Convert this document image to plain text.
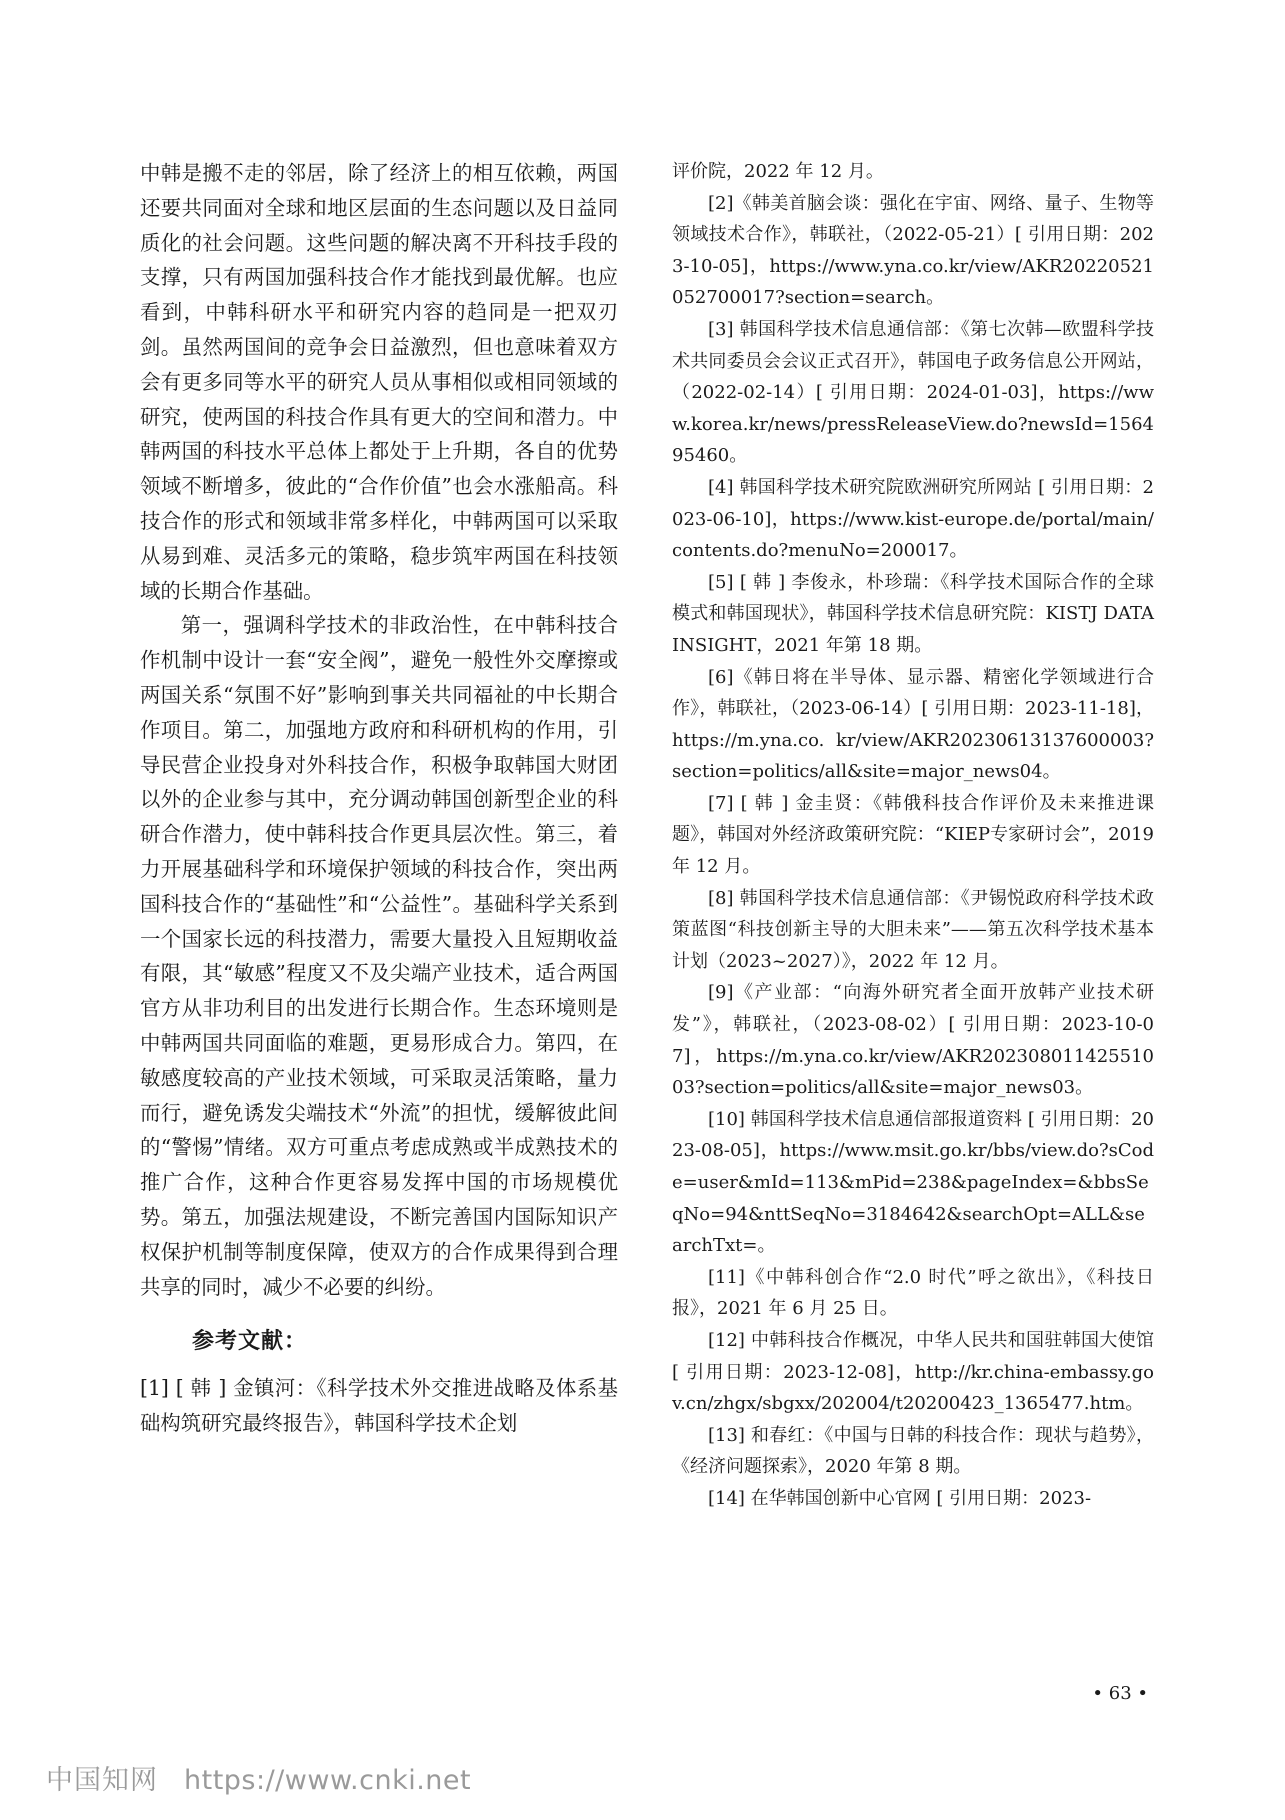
中韩是搬不走的邻居，除了经济上的相互依赖，两国还要共同面对全球和地区层面的生态问题以及日益同质化的社会问题。这些问题的解决离不开科技手段的支撑，只有两国加强科技合作才能找到最优解。也应看到，中韩科研水平和研究内容的趋同是一把双刃剑。虽然两国间的竞争会日益激烈，但也意味着双方会有更多同等水平的研究人员从事相似或相同领域的研究，使两国的科技合作具有更大的空间和潜力。中韩两国的科技水平总体上都处于上升期，各自的优势领域不断增多，彼此的“合作价值”也会水涨船高。科技合作的形式和领域非常多样化，中韩两国可以采取从易到难、灵活多元的策略，稳步筑牢两国在科技领域的长期合作基础。

第一，强调科学技术的非政治性，在中韩科技合作机制中设计一套“安全阀”，避免一般性外交摩擦或两国关系“氛围不好”影响到事关共同福祉的中长期合作项目。第二，加强地方政府和科研机构的作用，引导民营企业投身对外科技合作，积极争取韩国大财团以外的企业参与其中，充分调动韩国创新型企业的科研合作潜力，使中韩科技合作更具层次性。第三，着力开展基础科学和环境保护领域的科技合作，突出两国科技合作的“基础性”和“公益性”。基础科学关系到一个国家长远的科技潜力，需要大量投入且短期收益有限，其“敏感”程度又不及尖端产业技术，适合两国官方从非功利目的出发进行长期合作。生态环境则是中韩两国共同面临的难题，更易形成合力。第四，在敏感度较高的产业技术领域，可采取灵活策略，量力而行，避免诱发尖端技术“外流”的担忧，缓解彼此间的“警惕”情绪。双方可重点考虑成熟或半成熟技术的推广合作，这种合作更容易发挥中国的市场规模优势。第五，加强法规建设，不断完善国内国际知识产权保护机制等制度保障，使双方的合作成果得到合理共享的同时，减少不必要的纠纷。

参考文献：

[1] [ 韩 ] 金镇河：《科学技术外交推进战略及体系基础构筑研究最终报告》，韩国科学技术企划

评价院，2022 年 12 月。

[2]《韩美首脑会谈：强化在宇宙、网络、量子、生物等领域技术合作》，韩联社，（2022-05-21）[ 引用日期：2023-10-05]，https://www.yna.co.kr/view/AKR20220521052700017?section=search。

[3] 韩国科学技术信息通信部：《第七次韩—欧盟科学技术共同委员会会议正式召开》，韩国电子政务信息公开网站，（2022-02-14）[ 引用日期：2024-01-03]，https://www.korea.kr/news/pressReleaseView.do?newsId=156495460。

[4] 韩国科学技术研究院欧洲研究所网站 [ 引用日期：2023-06-10]，https://www.kist-europe.de/portal/main/contents.do?menuNo=200017。

[5] [ 韩 ] 李俊永，朴珍瑞：《科学技术国际合作的全球模式和韩国现状》，韩国科学技术信息研究院：KISTJ DATA INSIGHT，2021 年第 18 期。

[6]《韩日将在半导体、显示器、精密化学领域进行合作》，韩联社，（2023-06-14）[ 引用日期：2023-11-18]，https://m.yna.co. kr/view/AKR20230613137600003?section=politics/all&site=major_news04。

[7] [ 韩 ] 金圭贤：《韩俄科技合作评价及未来推进课题》，韩国对外经济政策研究院：“KIEP专家研讨会”，2019 年 12 月。

[8] 韩国科学技术信息通信部：《尹锡悦政府科学技术政策蓝图“科技创新主导的大胆未来”——第五次科学技术基本计划（2023~2027）》，2022 年 12 月。

[9]《产业部：“向海外研究者全面开放韩产业技术研发”》，韩联社，（2023-08-02）[ 引用日期：2023-10-07]，https://m.yna.co.kr/view/AKR20230801142551003?section=politics/all&site=major_news03。

[10] 韩国科学技术信息通信部报道资料 [ 引用日期：2023-08-05]，https://www.msit.go.kr/bbs/view.do?sCode=user&mId=113&mPid=238&pageIndex=&bbsSeqNo=94&nttSeqNo=3184642&searchOpt=ALL&searchTxt=。

[11]《中韩科创合作“2.0 时代”呼之欲出》，《科技日报》，2021 年 6 月 25 日。

[12] 中韩科技合作概况，中华人民共和国驻韩国大使馆 [ 引用日期：2023-12-08]，http://kr.china-embassy.gov.cn/zhgx/sbgxx/202004/t20200423_1365477.htm。

[13] 和春红：《中国与日韩的科技合作：现状与趋势》，《经济问题探索》，2020 年第 8 期。

[14] 在华韩国创新中心官网 [ 引用日期：2023-

• 63 •
中国知网 https://www.cnki.net
